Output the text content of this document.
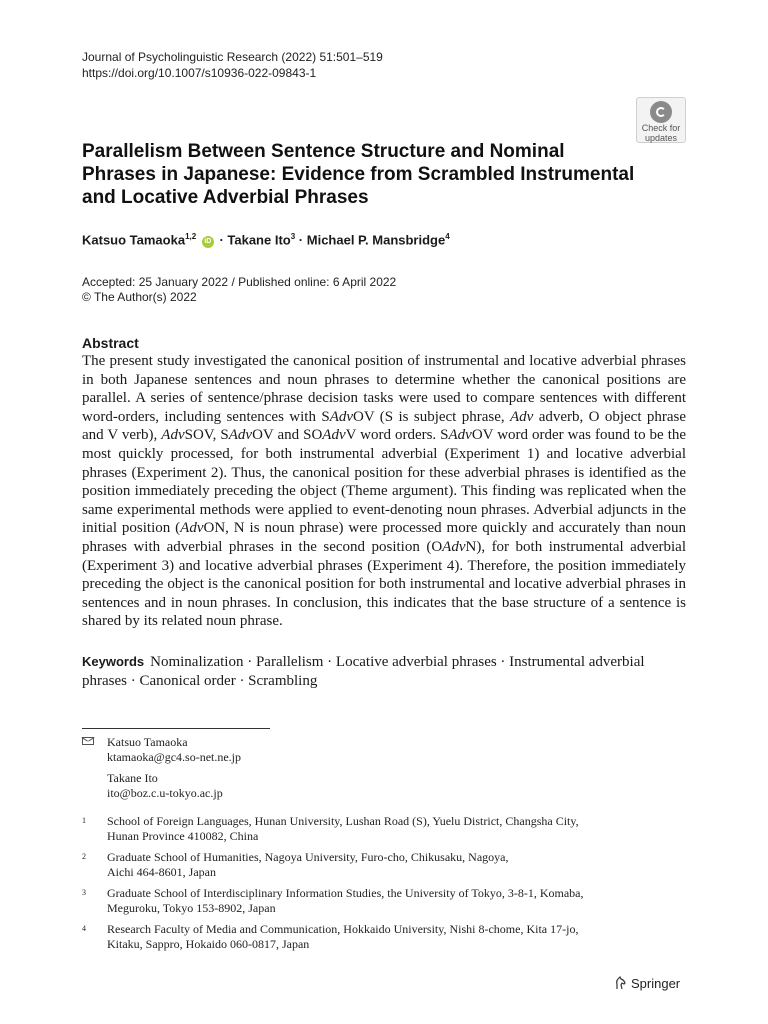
Journal of Psycholinguistic Research (2022) 51:501–519
https://doi.org/10.1007/s10936-022-09843-1
Check for
updates
Parallelism Between Sentence Structure and Nominal
Phrases in Japanese: Evidence from Scrambled Instrumental
and Locative Adverbial Phrases
Katsuo Tamaoka$^{1,2}$ iD · Takane Ito$^3$ · Michael P. Mansbridge$^4$
Accepted: 25 January 2022 / Published online: 6 April 2022
© The Author(s) 2022
Abstract
The present study investigated the canonical position of instrumental and locative adverbial phrases in both Japanese sentences and noun phrases to determine whether the canonical positions are parallel. A series of sentence/phrase decision tasks were used to compare sentences with different word-orders, including sentences with SAdvOV (S is subject phrase, Adv adverb, O object phrase and V verb), AdvSOV, SAdvOV and SOAdvV word orders. SAdvOV word order was found to be the most quickly processed, for both instrumental adverbial (Experiment 1) and locative adverbial phrases (Experiment 2). Thus, the canonical position for these adverbial phrases is identified as the position immediately preceding the object (Theme argument). This finding was replicated when the same experimental methods were applied to event-denoting noun phrases. Adverbial adjuncts in the initial position (AdvON, N is noun phrase) were processed more quickly and accurately than noun phrases with adverbial phrases in the second position (OAdvN), for both instrumental adverbial (Experiment 3) and locative adverbial phrases (Experiment 4). Therefore, the position immediately preceding the object is the canonical position for both instrumental and locative adverbial phrases in sentences and in noun phrases. In conclusion, this indicates that the base structure of a sentence is shared by its related noun phrase.
Keywords Nominalization · Parallelism · Locative adverbial phrases · Instrumental adverbial phrases · Canonical order · Scrambling
Katsuo Tamaoka
ktamaoka@gc4.so-net.ne.jp
Takane Ito
ito@boz.c.u-tokyo.ac.jp
1 School of Foreign Languages, Hunan University, Lushan Road (S), Yuelu District, Changsha City,
Hunan Province 410082, China
2 Graduate School of Humanities, Nagoya University, Furo-cho, Chikusaku, Nagoya,
Aichi 464-8601, Japan
3 Graduate School of Interdisciplinary Information Studies, the University of Tokyo, 3-8-1, Komaba,
Meguroku, Tokyo 153-8902, Japan
4 Research Faculty of Media and Communication, Hokkaido University, Nishi 8-chome, Kita 17-jo,
Kitaku, Sappro, Hokaido 060-0817, Japan
Springer
